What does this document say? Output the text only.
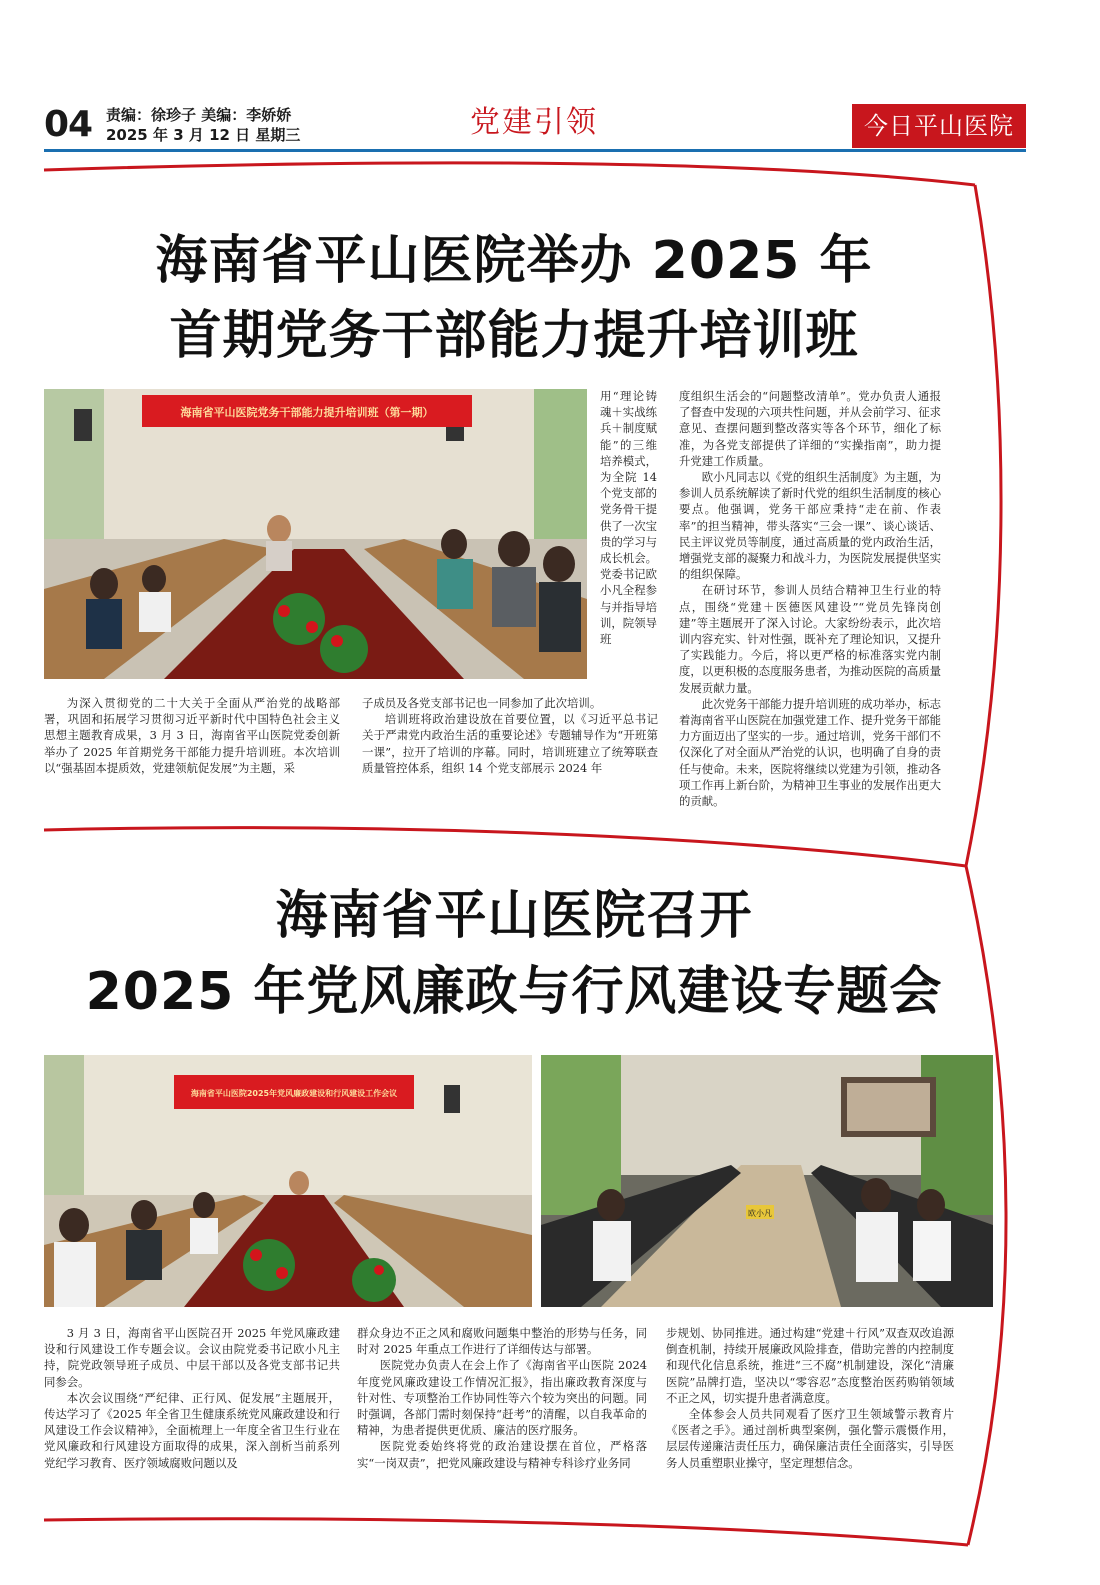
04 责编：徐珍子 美编：李娇娇
2025 年 3 月 12 日 星期三	党建引领	今日平山医院
海南省平山医院举办 2025 年
首期党务干部能力提升培训班
海南省平山医院党务干部能力提升培训班（第一期）

用“理论铸魂＋实战练兵＋制度赋能”的三维培养模式，为全院 14 个党支部的党务骨干提供了一次宝贵的学习与成长机会。党委书记欧小凡全程参与并指导培训，院领导班

为深入贯彻党的二十大关于全面从严治党的战略部署，巩固和拓展学习贯彻习近平新时代中国特色社会主义思想主题教育成果，3 月 3 日，海南省平山医院党委创新举办了 2025 年首期党务干部能力提升培训班。本次培训以“强基固本提质效，党建领航促发展”为主题，采

子成员及各党支部书记也一同参加了此次培训。

培训班将政治建设放在首要位置，以《习近平总书记关于严肃党内政治生活的重要论述》专题辅导作为“开班第一课”，拉开了培训的序幕。同时，培训班建立了统筹联查质量管控体系，组织 14 个党支部展示 2024 年

度组织生活会的“问题整改清单”。党办负责人通报了督查中发现的六项共性问题，并从会前学习、征求意见、查摆问题到整改落实等各个环节，细化了标准，为各党支部提供了详细的“实操指南”，助力提升党建工作质量。

欧小凡同志以《党的组织生活制度》为主题，为参训人员系统解读了新时代党的组织生活制度的核心要点。他强调，党务干部应秉持“走在前、作表率”的担当精神，带头落实“三会一课”、谈心谈话、民主评议党员等制度，通过高质量的党内政治生活，增强党支部的凝聚力和战斗力，为医院发展提供坚实的组织保障。

在研讨环节，参训人员结合精神卫生行业的特点，围绕“党建＋医德医风建设”“党员先锋岗创建”等主题展开了深入讨论。大家纷纷表示，此次培训内容充实、针对性强，既补充了理论知识，又提升了实践能力。今后，将以更严格的标准落实党内制度，以更积极的态度服务患者，为推动医院的高质量发展贡献力量。

此次党务干部能力提升培训班的成功举办，标志着海南省平山医院在加强党建工作、提升党务干部能力方面迈出了坚实的一步。通过培训，党务干部们不仅深化了对全面从严治党的认识，也明确了自身的责任与使命。未来，医院将继续以党建为引领，推动各项工作再上新台阶，为精神卫生事业的发展作出更大的贡献。

海南省平山医院召开
2025 年党风廉政与行风建设专题会
海南省平山医院2025年党风廉政建设和行风建设工作会议
欧小凡

3 月 3 日，海南省平山医院召开 2025 年党风廉政建设和行风建设工作专题会议。会议由院党委书记欧小凡主持，院党政领导班子成员、中层干部以及各党支部书记共同参会。

本次会议围绕“严纪律、正行风、促发展”主题展开，传达学习了《2025 年全省卫生健康系统党风廉政建设和行风建设工作会议精神》，全面梳理上一年度全省卫生行业在党风廉政和行风建设方面取得的成果，深入剖析当前系列党纪学习教育、医疗领域腐败问题以及

群众身边不正之风和腐败问题集中整治的形势与任务，同时对 2025 年重点工作进行了详细传达与部署。

医院党办负责人在会上作了《海南省平山医院 2024 年度党风廉政建设工作情况汇报》，指出廉政教育深度与针对性、专项整治工作协同性等六个较为突出的问题。同时强调，各部门需时刻保持“赶考”的清醒，以自我革命的精神，为患者提供更优质、廉洁的医疗服务。

医院党委始终将党的政治建设摆在首位，严格落实“一岗双责”，把党风廉政建设与精神专科诊疗业务同

步规划、协同推进。通过构建“党建＋行风”双查双改追源倒查机制，持续开展廉政风险排查，借助完善的内控制度和现代化信息系统，推进“三不腐”机制建设，深化“清廉医院”品牌打造，坚决以“零容忍”态度整治医药购销领域不正之风，切实提升患者满意度。

全体参会人员共同观看了医疗卫生领域警示教育片《医者之手》。通过剖析典型案例，强化警示震慑作用，层层传递廉洁责任压力，确保廉洁责任全面落实，引导医务人员重塑职业操守，坚定理想信念。
